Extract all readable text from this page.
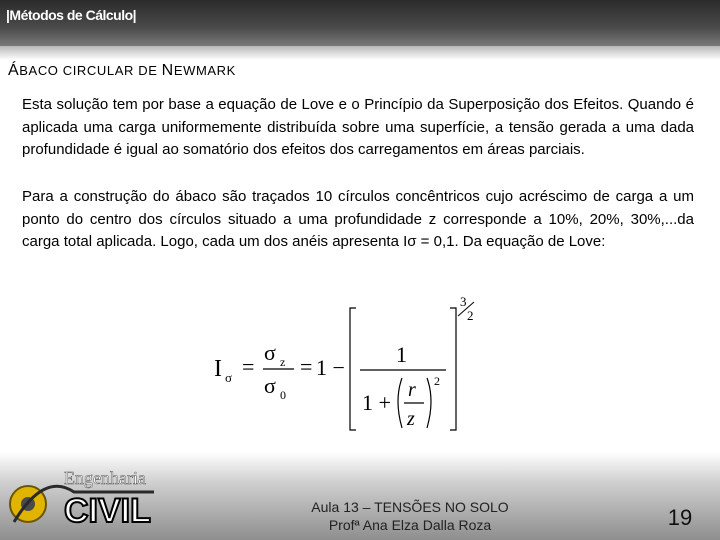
|Métodos de Cálculo|
ÁBACO CIRCULAR DE NEWMARK
Esta solução tem por base a equação de Love e o Princípio da Superposição dos Efeitos. Quando é aplicada uma carga uniformemente distribuída sobre uma superfície, a tensão gerada a uma dada profundidade é igual ao somatório dos efeitos dos carregamentos em áreas parciais.
Para a construção do ábaco são traçados 10 círculos concêntricos cujo acréscimo de carga a um ponto do centro dos círculos situado a uma profundidade z corresponde a 10%, 20%, 30%,...da carga total aplicada. Logo, cada um dos anéis apresenta Iσ = 0,1. Da equação de Love:
I σ =
σ z
σ 0
= 1 −
1
1 + r
z
2
3
2
Engenharia
CIVIL	Aula 13 – TENSÕES NO SOLO
Profª Ana Elza Dalla Roza	19
